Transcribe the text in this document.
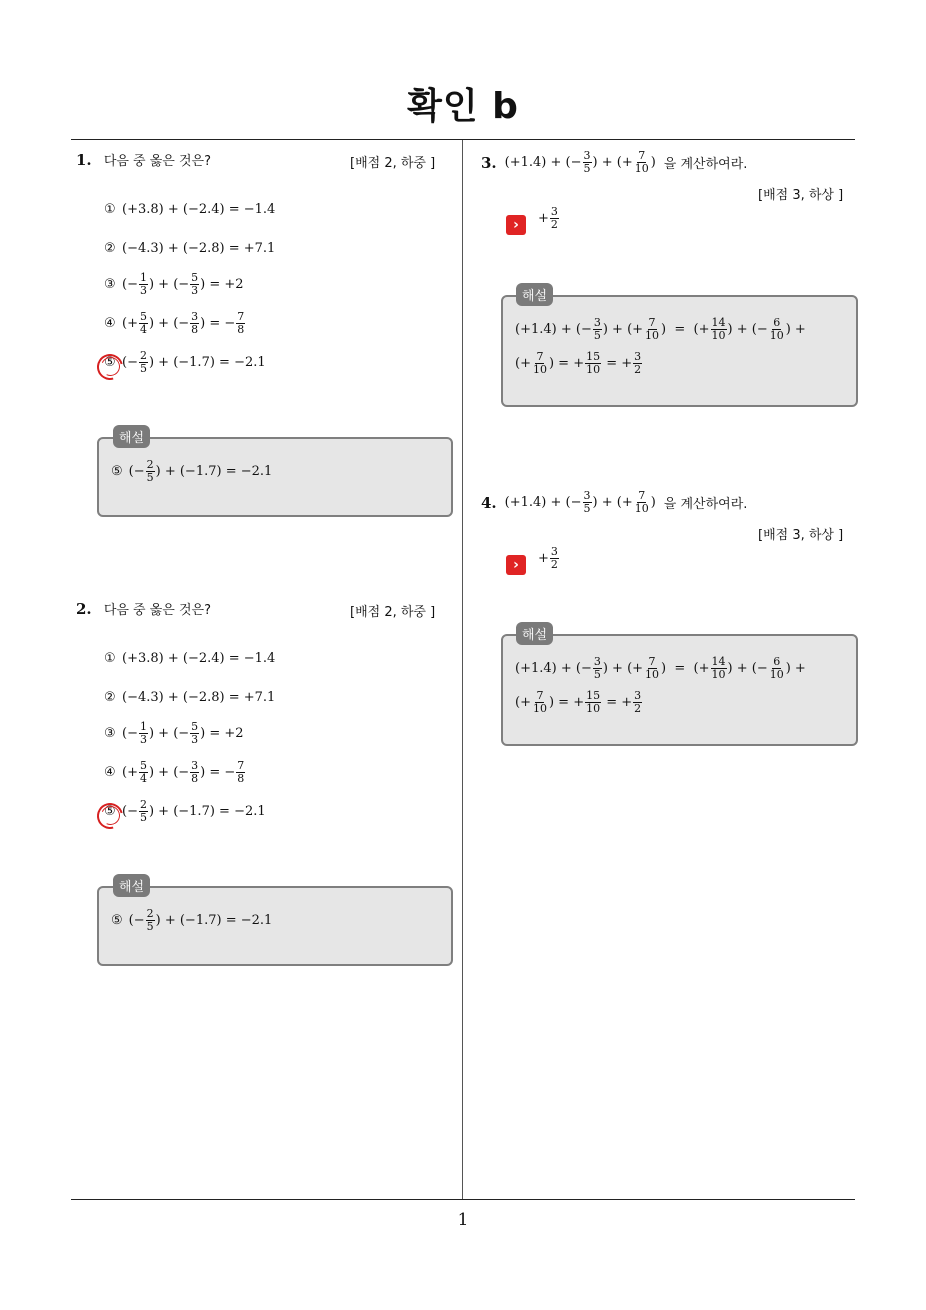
확인 b
1. 다음 중 옳은 것은?	[배점 2, 하중 ]
① (+3.8) + (−2.4) = −1.4
② (−4.3) + (−2.8) = +7.1
③ (− $\frac{1}{3}$ ) + (− $\frac{5}{3}$ ) = +2
④ (+ $\frac{5}{4}$ ) + (− $\frac{3}{8}$ ) = − $\frac{7}{8}$
⑤ (− $\frac{2}{5}$ ) + (−1.7) = −2.1
⑤ (− $\frac{2}{5}$ ) + (−1.7) = −2.1
해설
2. 다음 중 옳은 것은?	[배점 2, 하중 ]
① (+3.8) + (−2.4) = −1.4
② (−4.3) + (−2.8) = +7.1
③ (− $\frac{1}{3}$ ) + (− $\frac{5}{3}$ ) = +2
④ (+ $\frac{5}{4}$ ) + (− $\frac{3}{8}$ ) = − $\frac{7}{8}$
⑤ (− $\frac{2}{5}$ ) + (−1.7) = −2.1
⑤ (− $\frac{2}{5}$ ) + (−1.7) = −2.1
해설
3. (+1.4) + (− $\frac{3}{5}$ ) + (+ $\frac{7}{10}$ ) 을 계산하여라.
[배점 3, 하상 ]
›	+ $\frac{3}{2}$
(+1.4) + (− $\frac{3}{5}$ ) + (+ $\frac{7}{10}$ )  =  (+ $\frac{14}{10}$ ) + (− $\frac{6}{10}$ ) +
(+ $\frac{7}{10}$ ) = + $\frac{15}{10}$ = + $\frac{3}{2}$
해설
4. (+1.4) + (− $\frac{3}{5}$ ) + (+ $\frac{7}{10}$ ) 을 계산하여라.
[배점 3, 하상 ]
›	+ $\frac{3}{2}$
(+1.4) + (− $\frac{3}{5}$ ) + (+ $\frac{7}{10}$ )  =  (+ $\frac{14}{10}$ ) + (− $\frac{6}{10}$ ) +
(+ $\frac{7}{10}$ ) = + $\frac{15}{10}$ = + $\frac{3}{2}$
해설
1
